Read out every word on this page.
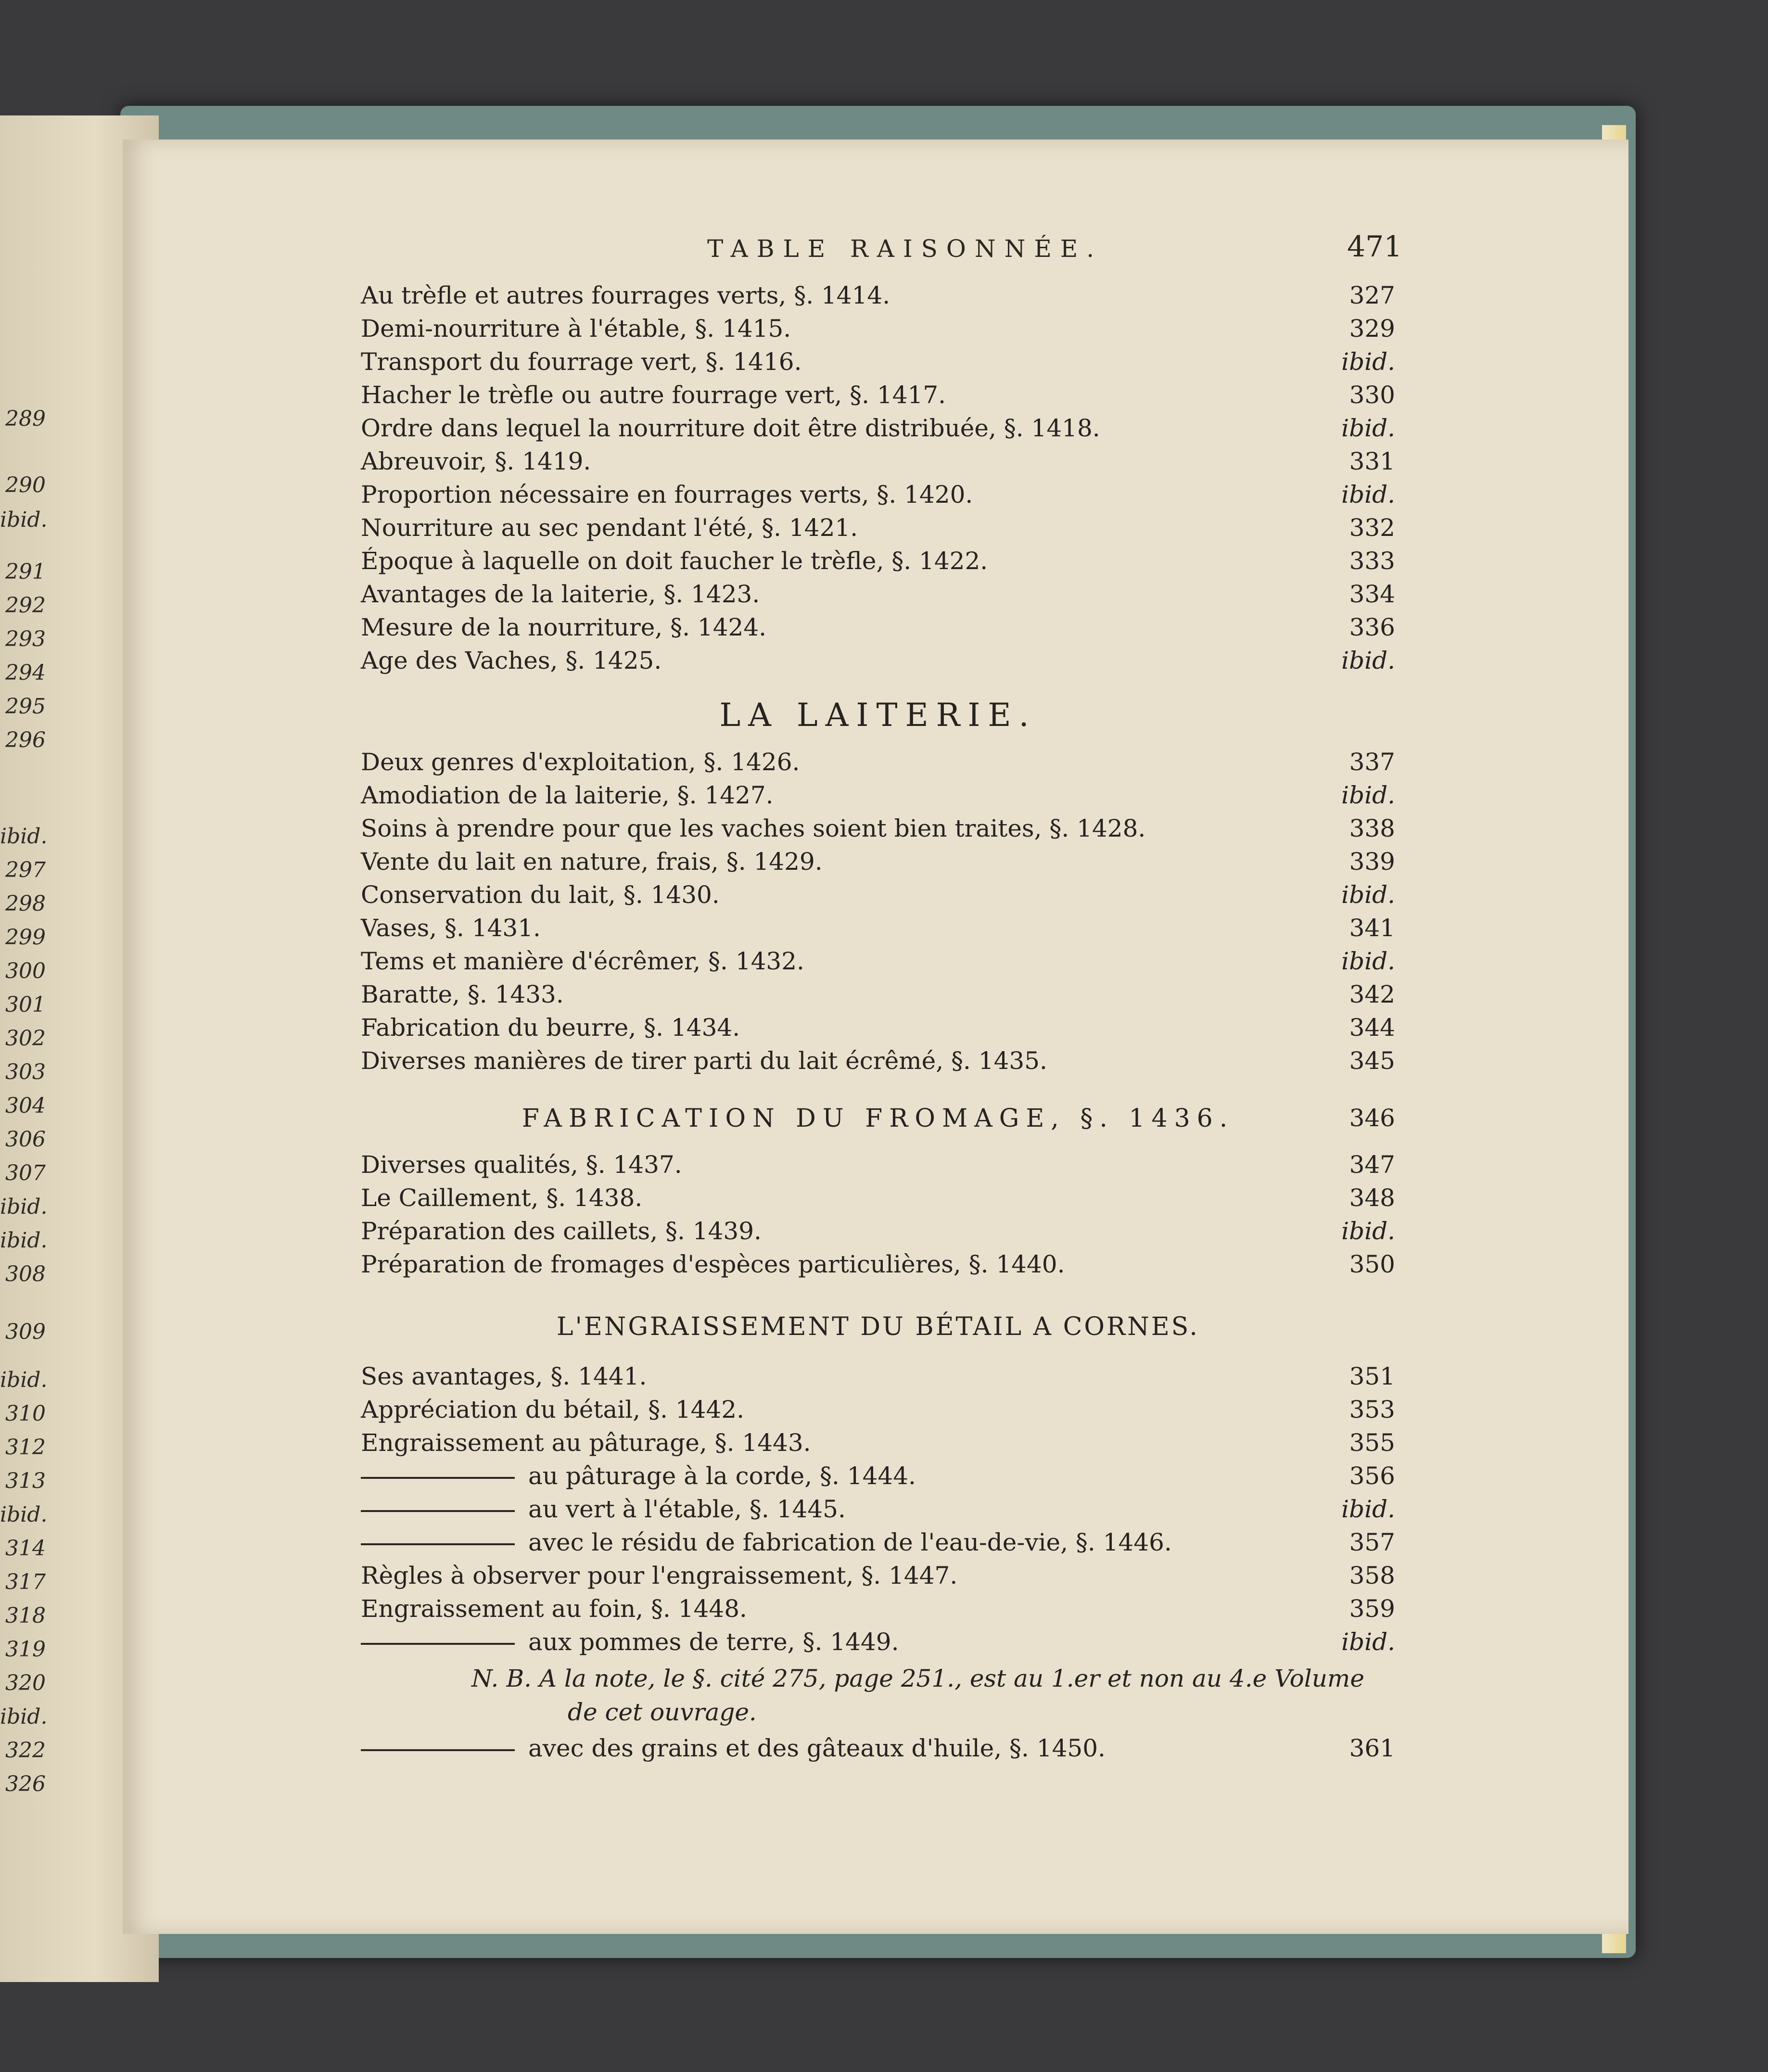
289
290
ibid.
291
292
293
294
295
296
ibid.
297
298
299
300
301
302
303
304
306
307
ibid.
ibid.
308
309
ibid.
310
312
313
ibid.
314
317
318
319
320
ibid.
322
326
TABLE RAISONNÉE.	471
Au trèfle et autres fourrages verts, §. 1414.	327
Demi-nourriture à l'étable, §. 1415.	329
Transport du fourrage vert, §. 1416.	ibid.
Hacher le trèfle ou autre fourrage vert, §. 1417.	330
Ordre dans lequel la nourriture doit être distribuée, §. 1418.	ibid.
Abreuvoir, §. 1419.	331
Proportion nécessaire en fourrages verts, §. 1420.	ibid.
Nourriture au sec pendant l'été, §. 1421.	332
Époque à laquelle on doit faucher le trèfle, §. 1422.	333
Avantages de la laiterie, §. 1423.	334
Mesure de la nourriture, §. 1424.	336
Age des Vaches, §. 1425.	ibid.
LA LAITERIE.
Deux genres d'exploitation, §. 1426.	337
Amodiation de la laiterie, §. 1427.	ibid.
Soins à prendre pour que les vaches soient bien traites, §. 1428.	338
Vente du lait en nature, frais, §. 1429.	339
Conservation du lait, §. 1430.	ibid.
Vases, §. 1431.	341
Tems et manière d'écrêmer, §. 1432.	ibid.
Baratte, §. 1433.	342
Fabrication du beurre, §. 1434.	344
Diverses manières de tirer parti du lait écrêmé, §. 1435.	345
FABRICATION DU FROMAGE, §. 1436.	346
Diverses qualités, §. 1437.	347
Le Caillement, §. 1438.	348
Préparation des caillets, §. 1439.	ibid.
Préparation de fromages d'espèces particulières, §. 1440.	350
L'ENGRAISSEMENT DU BÉTAIL A CORNES.
Ses avantages, §. 1441.	351
Appréciation du bétail, §. 1442.	353
Engraissement au pâturage, §. 1443.	355
au pâturage à la corde, §. 1444.	356
au vert à l'étable, §. 1445.	ibid.
avec le résidu de fabrication de l'eau-de-vie, §. 1446.	357
Règles à observer pour l'engraissement, §. 1447.	358
Engraissement au foin, §. 1448.	359
aux pommes de terre, §. 1449.	ibid.
N. B. A la note, le §. cité 275, page 251., est au 1.er et non au 4.e Volume
de cet ouvrage.
avec des grains et des gâteaux d'huile, §. 1450.	361
